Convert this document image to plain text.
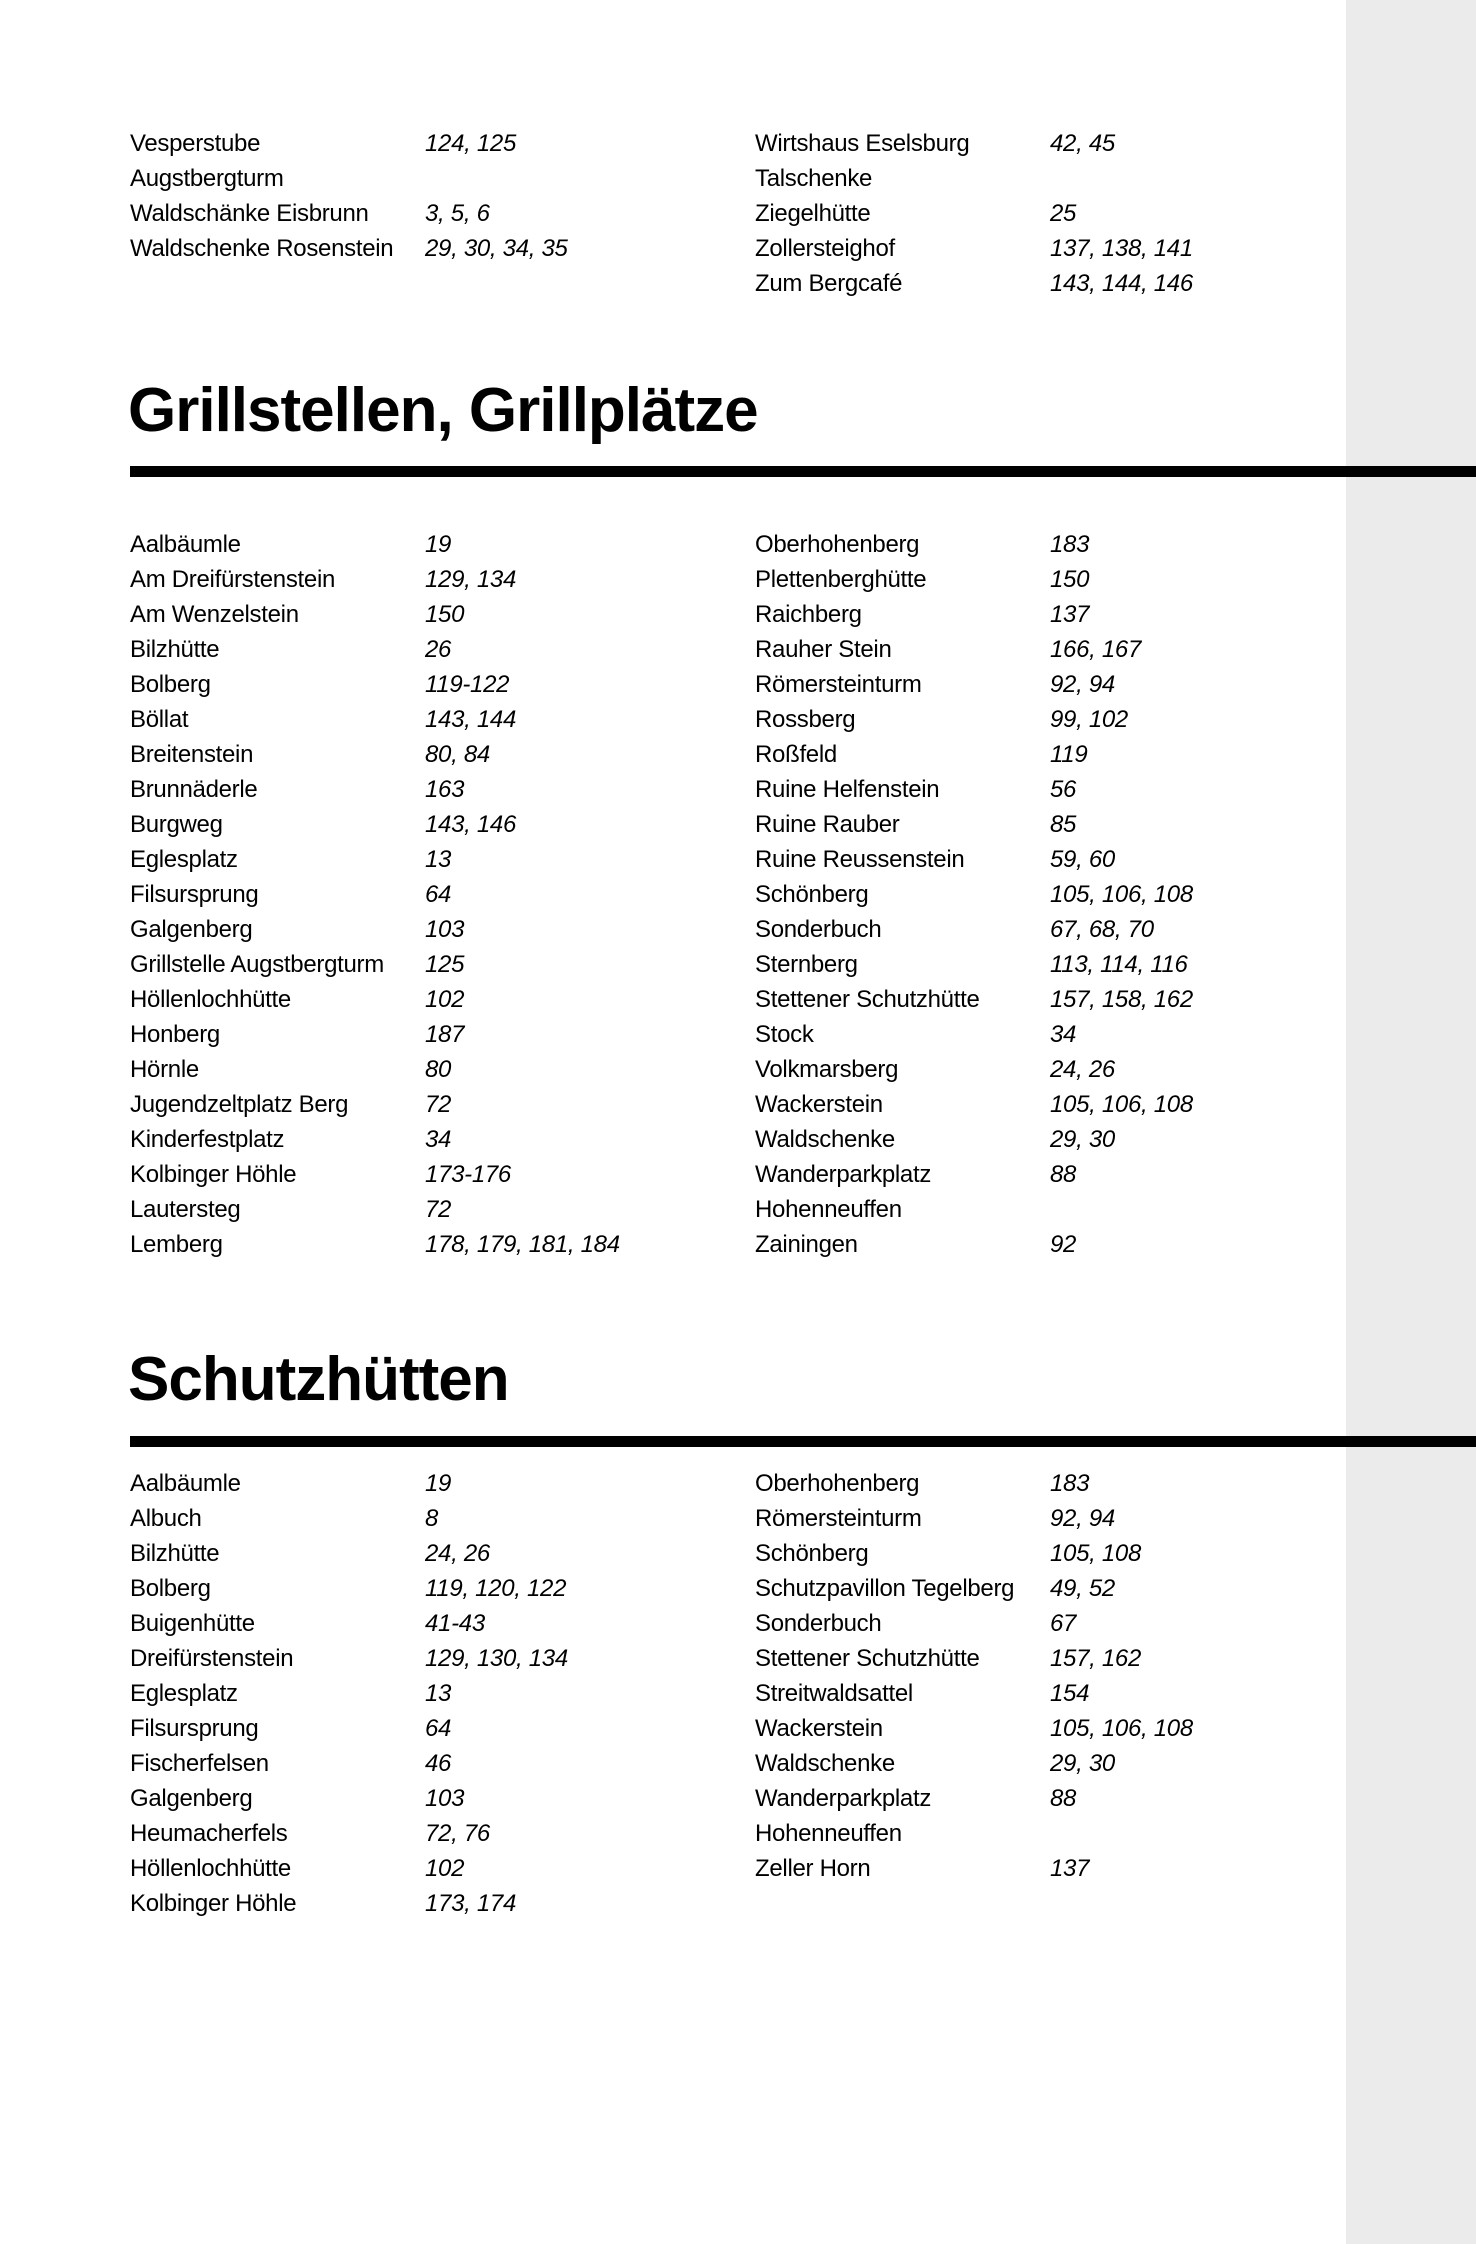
Vesperstube	124, 125
Augstbergturm
Waldschänke Eisbrunn	3, 5, 6
Waldschenke Rosenstein	29, 30, 34, 35
Wirtshaus Eselsburg	42, 45
Talschenke
Ziegelhütte	25
Zollersteighof	137, 138, 141
Zum Bergcafé	143, 144, 146
Grillstellen, Grillplätze
Aalbäumle	19
Am Dreifürstenstein	129, 134
Am Wenzelstein	150
Bilzhütte	26
Bolberg	119-122
Böllat	143, 144
Breitenstein	80, 84
Brunnäderle	163
Burgweg	143, 146
Eglesplatz	13
Filsursprung	64
Galgenberg	103
Grillstelle Augstbergturm	125
Höllenlochhütte	102
Honberg	187
Hörnle	80
Jugendzeltplatz Berg	72
Kinderfestplatz	34
Kolbinger Höhle	173-176
Lautersteg	72
Lemberg	178, 179, 181, 184
Oberhohenberg	183
Plettenberghütte	150
Raichberg	137
Rauher Stein	166, 167
Römersteinturm	92, 94
Rossberg	99, 102
Roßfeld	119
Ruine Helfenstein	56
Ruine Rauber	85
Ruine Reussenstein	59, 60
Schönberg	105, 106, 108
Sonderbuch	67, 68, 70
Sternberg	113, 114, 116
Stettener Schutzhütte	157, 158, 162
Stock	34
Volkmarsberg	24, 26
Wackerstein	105, 106, 108
Waldschenke	29, 30
Wanderparkplatz	88
Hohenneuffen
Zainingen	92
Schutzhütten
Aalbäumle	19
Albuch	8
Bilzhütte	24, 26
Bolberg	119, 120, 122
Buigenhütte	41-43
Dreifürstenstein	129, 130, 134
Eglesplatz	13
Filsursprung	64
Fischerfelsen	46
Galgenberg	103
Heumacherfels	72, 76
Höllenlochhütte	102
Kolbinger Höhle	173, 174
Oberhohenberg	183
Römersteinturm	92, 94
Schönberg	105, 108
Schutzpavillon Tegelberg	49, 52
Sonderbuch	67
Stettener Schutzhütte	157, 162
Streitwaldsattel	154
Wackerstein	105, 106, 108
Waldschenke	29, 30
Wanderparkplatz	88
Hohenneuffen
Zeller Horn	137
